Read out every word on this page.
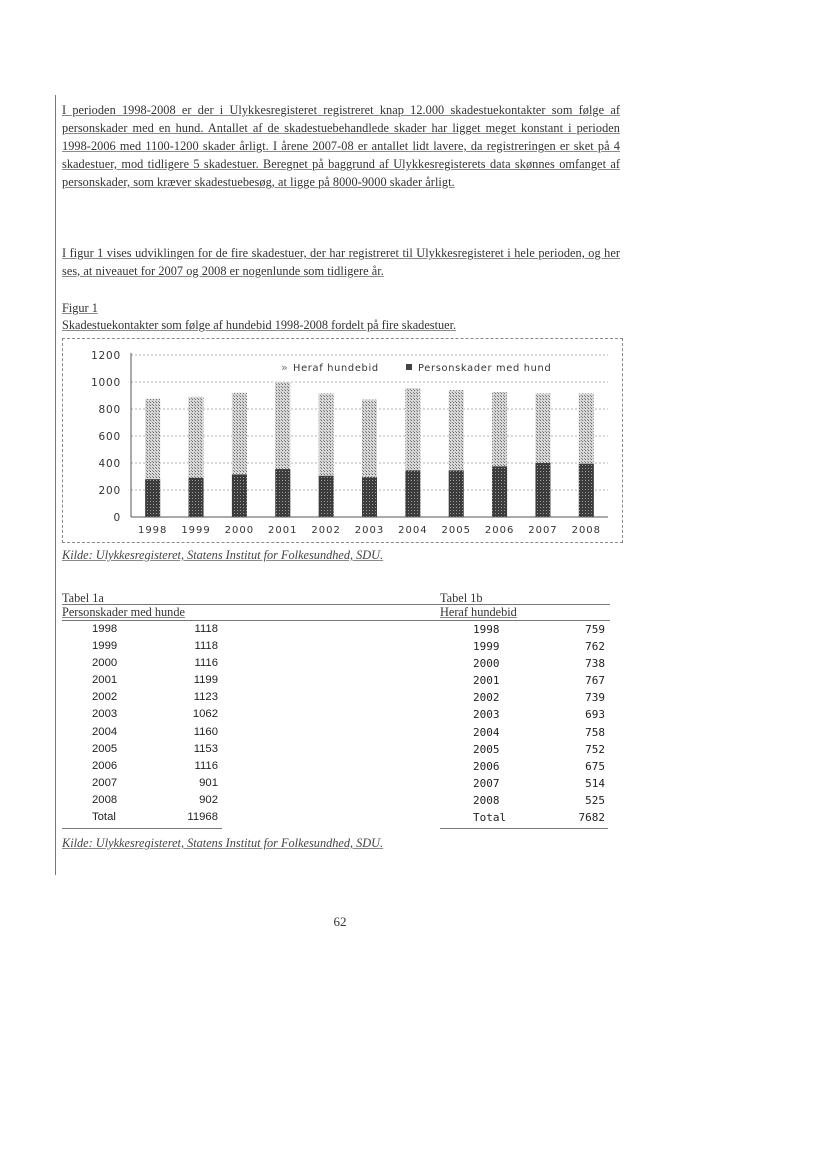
I perioden 1998-2008 er der i Ulykkesregisteret registreret knap 12.000 skadestuekontakter som følge af personskader med en hund. Antallet af de skadestuebehandlede skader har ligget meget konstant i perioden 1998-2006 med 1100-1200 skader årligt. I årene 2007-08 er antallet lidt lavere, da registreringen er sket på 4 skadestuer, mod tidligere 5 skadestuer. Beregnet på baggrund af Ulykkesregisterets data skønnes omfanget af personskader, som kræver skadestuebesøg, at ligge på 8000-9000 skader årligt.

I figur 1 vises udviklingen for de fire skadestuer, der har registreret til Ulykkesregisteret i hele perioden, og her ses, at niveauet for 2007 og 2008 er nogenlunde som tidligere år.

Figur 1
Skadestuekontakter som følge af hundebid 1998-2008 fordelt på fire skadestuer.
0
200
400
600
800
1000
1200
1998 1999 2000 2001 2002 2003 2004 2005 2006 2007 2008
» Heraf hundebid	Personskader med hund
Kilde: Ulykkesregisteret, Statens Institut for Folkesundhed, SDU.
Tabel 1a
Personskader med hunde
Tabel 1b
Heraf hundebid
1998	1118
1999	1118
2000	1116
2001	1199
2002	1123
2003	1062
2004	1160
2005	1153
2006	1116
2007	901
2008	902
Total	11968
1998	759
1999	762
2000	738
2001	767
2002	739
2003	693
2004	758
2005	752
2006	675
2007	514
2008	525
Total	7682
Kilde: Ulykkesregisteret, Statens Institut for Folkesundhed, SDU.
62
